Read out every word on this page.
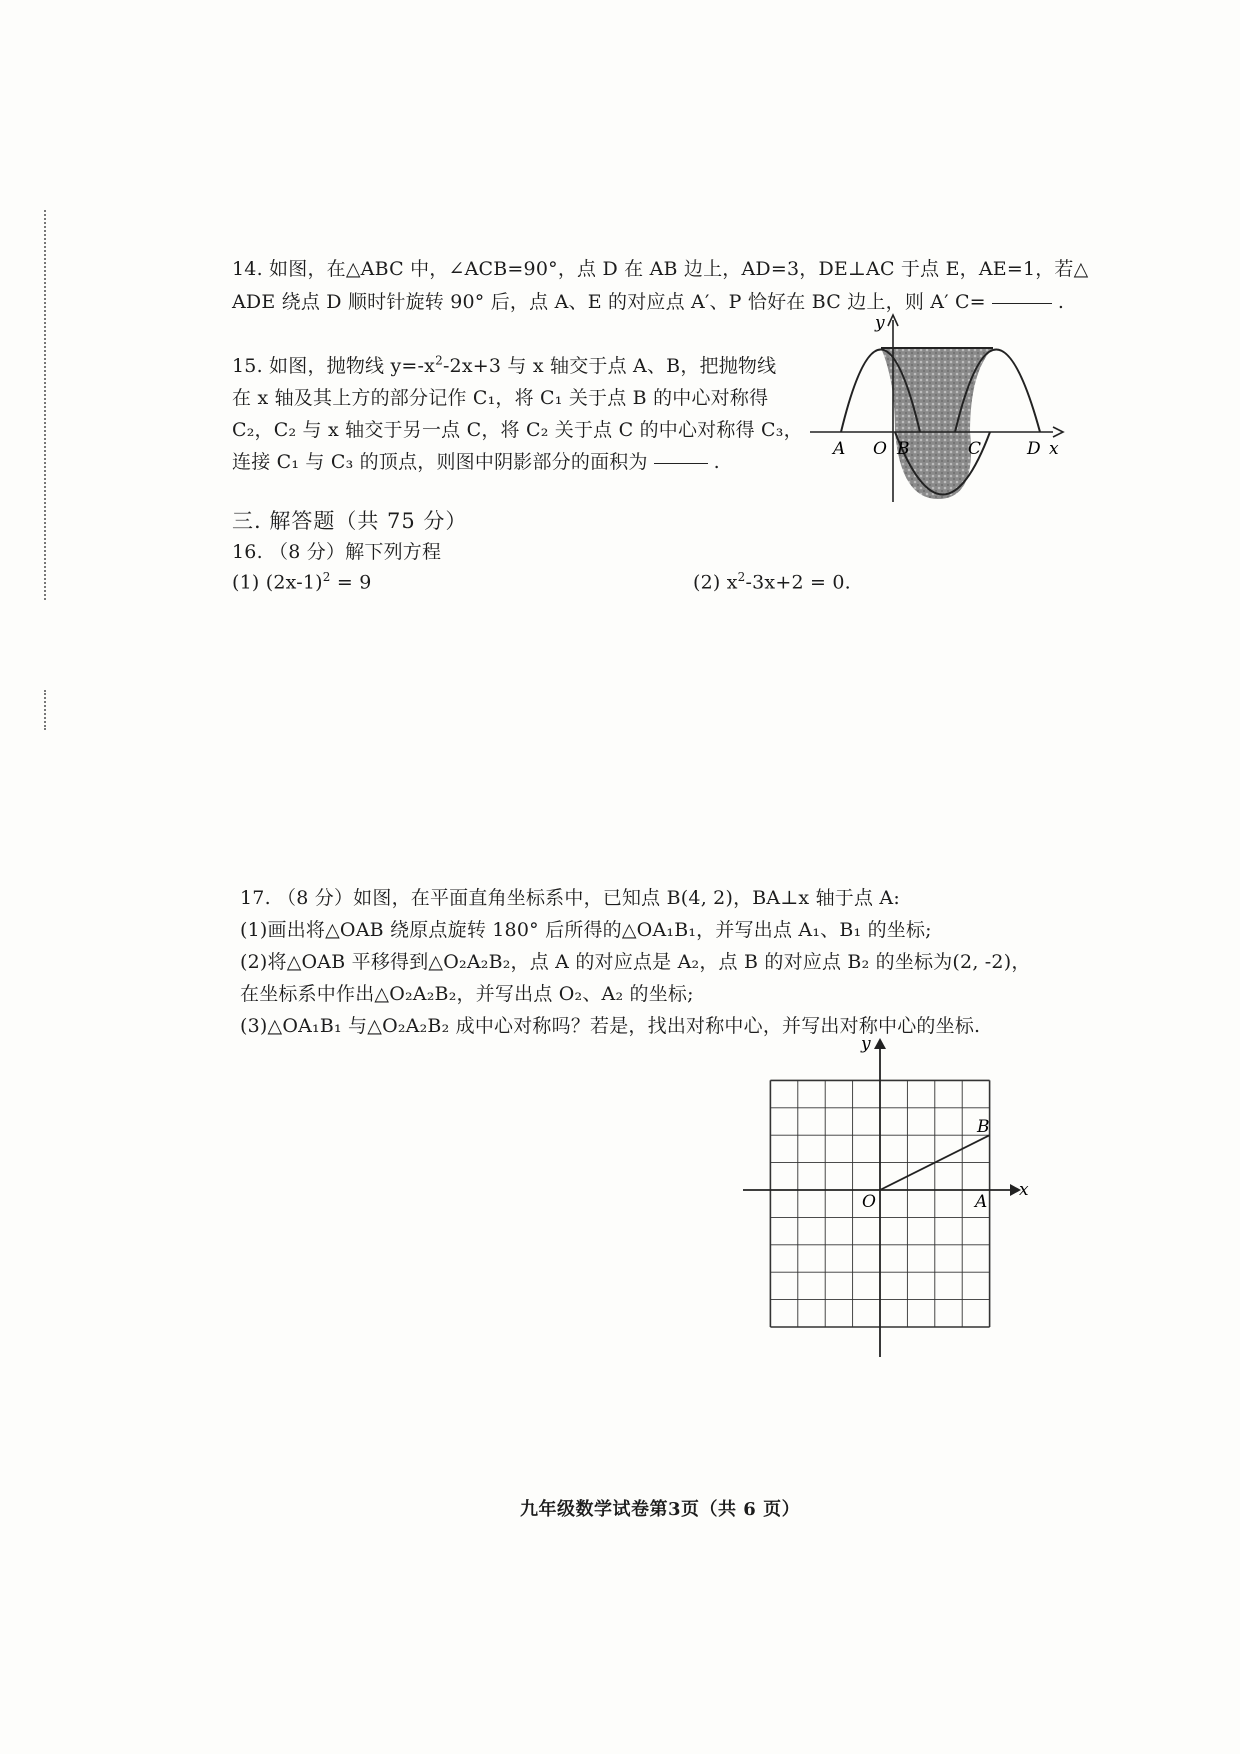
14. 如图，在△ABC 中，∠ACB=90°，点 D 在 AB 边上，AD=3，DE⊥AC 于点 E，AE=1，若△
ADE 绕点 D 顺时针旋转 90° 后，点 A、E 的对应点 A′、P 恰好在 BC 边上，则 A′ C=	.
15. 如图，抛物线 $y=-x^2-2x+3$ 与 x 轴交于点 A、B，把抛物线
在 x 轴及其上方的部分记作 C₁，将 C₁ 关于点 B 的中心对称得
C₂，C₂ 与 x 轴交于另一点 C，将 C₂ 关于点 C 的中心对称得 C₃，
连接 C₁ 与 C₃ 的顶点，则图中阴影部分的面积为	.
y
x
A O B	C	D
三. 解答题（共 75 分）
16. （8 分）解下列方程
(1) $(2x-1)^2 = 9$	(2) $x^2-3x+2 = 0$.
17. （8 分）如图，在平面直角坐标系中，已知点 B(4, 2)，BA⊥x 轴于点 A:
(1)画出将△OAB 绕原点旋转 180° 后所得的△OA₁B₁，并写出点 A₁、B₁ 的坐标;
(2)将△OAB 平移得到△O₂A₂B₂，点 A 的对应点是 A₂，点 B 的对应点 B₂ 的坐标为(2, -2)，
在坐标系中作出△O₂A₂B₂，并写出点 O₂、A₂ 的坐标;
(3)△OA₁B₁ 与△O₂A₂B₂ 成中心对称吗？若是，找出对称中心，并写出对称中心的坐标.
y
x
O	A
B
九年级数学试卷第3页（共 6 页）
